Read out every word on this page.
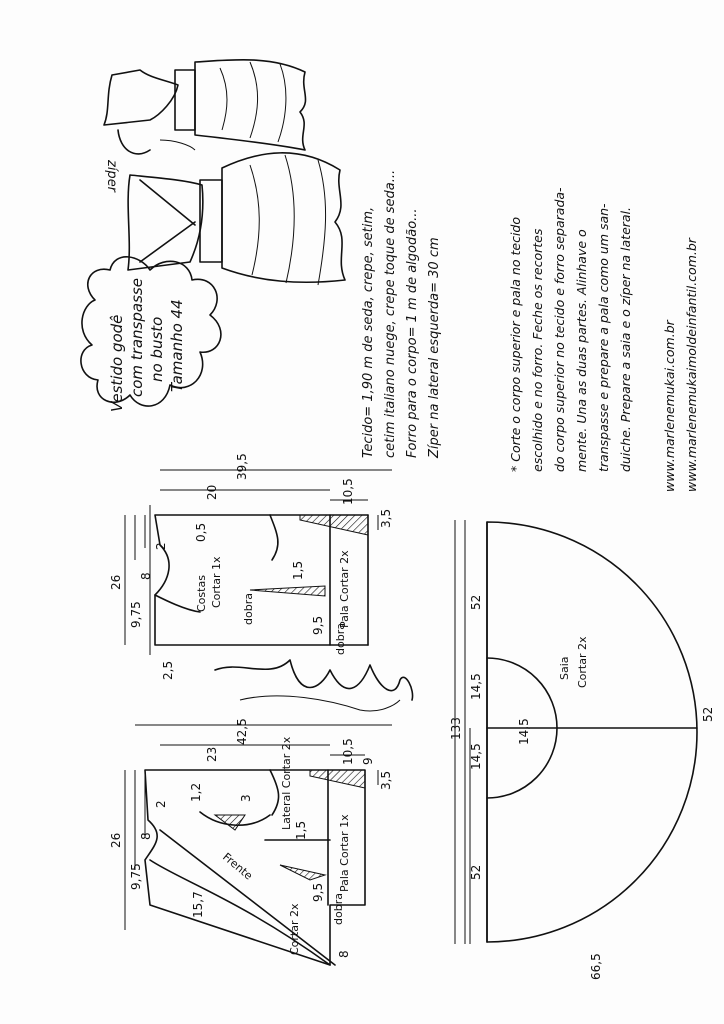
zíper
Vestido godê com transpasse no busto Tamanho 44	Tecido= 1,90 m de seda, crepe, setim, cetim italiano nuege, crepe toque de seda... Forro para o corpo= 1 m de algodão... Zíper na lateral esquerda= 30 cm	* Corte o corpo superior e pala no tecido escolhido e no forro. Feche os recortes do corpo superior no tecido e forro separada- mente. Una as duas partes. Alinhave o transpasse e prepare a pala como um san- duiche. Prepare a saia e o zíper na lateral. www.marlenemukai.com.br www.marlenemukaimoldeinfantil.com.br
Costas Cortar 1x
dobra	Pala Cortar 2x
dobra
26
39,5
20	10,5
3,5
9,75
8
2
0,5
1,5
9,5
2,5
Frente
Cortar 2x
Lateral Cortar 2x
Pala Cortar 1x
dobra
26
42,5
23	10,5
3,5
9
9,75
8
2
1,2	3
1,5
9,5
15,7
8
Saia Cortar 2x
133
52
52
52
14,5
14,5
14,5
66,5
